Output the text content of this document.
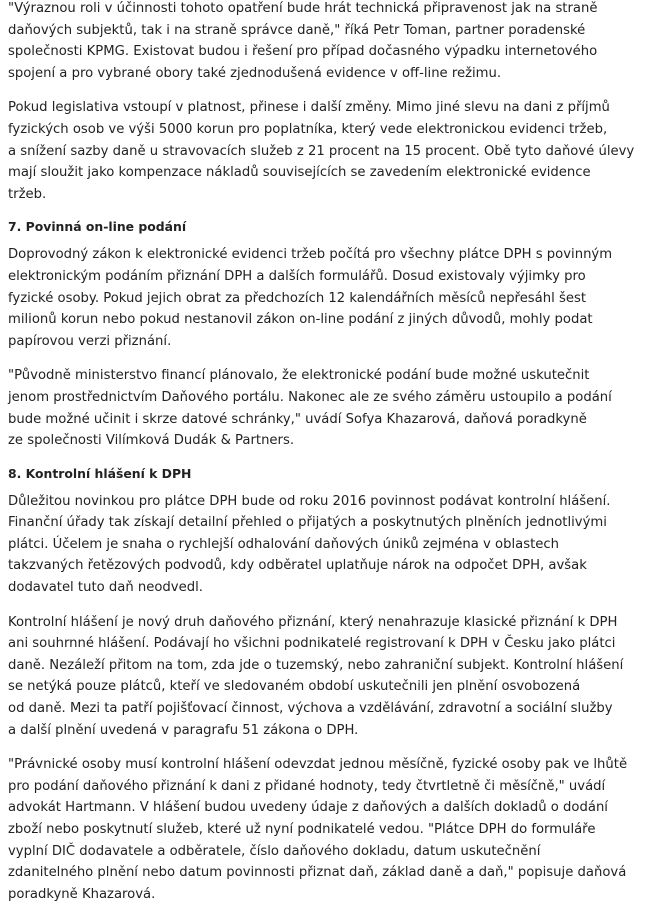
"Výraznou roli v účinnosti tohoto opatření bude hrát technická připravenost jak na straně
daňových subjektů, tak i na straně správce daně," říká Petr Toman, partner poradenské
společnosti KPMG. Existovat budou i řešení pro případ dočasného výpadku internetového
spojení a pro vybrané obory také zjednodušená evidence v off-line režimu.

Pokud legislativa vstoupí v platnost, přinese i další změny. Mimo jiné slevu na dani z příjmů
fyzických osob ve výši 5000 korun pro poplatníka, který vede elektronickou evidenci tržeb,
a snížení sazby daně u stravovacích služeb z 21 procent na 15 procent. Obě tyto daňové úlevy
mají sloužit jako kompenzace nákladů souvisejících se zavedením elektronické evidence
tržeb.

7. Povinná on-line podání

Doprovodný zákon k elektronické evidenci tržeb počítá pro všechny plátce DPH s povinným
elektronickým podáním přiznání DPH a dalších formulářů. Dosud existovaly výjimky pro
fyzické osoby. Pokud jejich obrat za předchozích 12 kalendářních měsíců nepřesáhl šest
milionů korun nebo pokud nestanovil zákon on-line podání z jiných důvodů, mohly podat
papírovou verzi přiznání.

"Původně ministerstvo financí plánovalo, že elektronické podání bude možné uskutečnit
jenom prostřednictvím Daňového portálu. Nakonec ale ze svého záměru ustoupilo a podání
bude možné učinit i skrze datové schránky," uvádí Sofya Khazarová, daňová poradkyně
ze společnosti Vilímková Dudák & Partners.

8. Kontrolní hlášení k DPH

Důležitou novinkou pro plátce DPH bude od roku 2016 povinnost podávat kontrolní hlášení.
Finanční úřady tak získají detailní přehled o přijatých a poskytnutých plněních jednotlivými
plátci. Účelem je snaha o rychlejší odhalování daňových úniků zejména v oblastech
takzvaných řetězových podvodů, kdy odběratel uplatňuje nárok na odpočet DPH, avšak
dodavatel tuto daň neodvedl.

Kontrolní hlášení je nový druh daňového přiznání, který nenahrazuje klasické přiznání k DPH
ani souhrnné hlášení. Podávají ho všichni podnikatelé registrovaní k DPH v Česku jako plátci
daně. Nezáleží přitom na tom, zda jde o tuzemský, nebo zahraniční subjekt. Kontrolní hlášení
se netýká pouze plátců, kteří ve sledovaném období uskutečnili jen plnění osvobozená
od daně. Mezi ta patří pojišťovací činnost, výchova a vzdělávání, zdravotní a sociální služby
a další plnění uvedená v paragrafu 51 zákona o DPH.

"Právnické osoby musí kontrolní hlášení odevzdat jednou měsíčně, fyzické osoby pak ve lhůtě
pro podání daňového přiznání k dani z přidané hodnoty, tedy čtvrtletně či měsíčně," uvádí
advokát Hartmann. V hlášení budou uvedeny údaje z daňových a dalších dokladů o dodání
zboží nebo poskytnutí služeb, které už nyní podnikatelé vedou. "Plátce DPH do formuláře
vyplní DIČ dodavatele a odběratele, číslo daňového dokladu, datum uskutečnění
zdanitelného plnění nebo datum povinnosti přiznat daň, základ daně a daň," popisuje daňová
poradkyně Khazarová.
